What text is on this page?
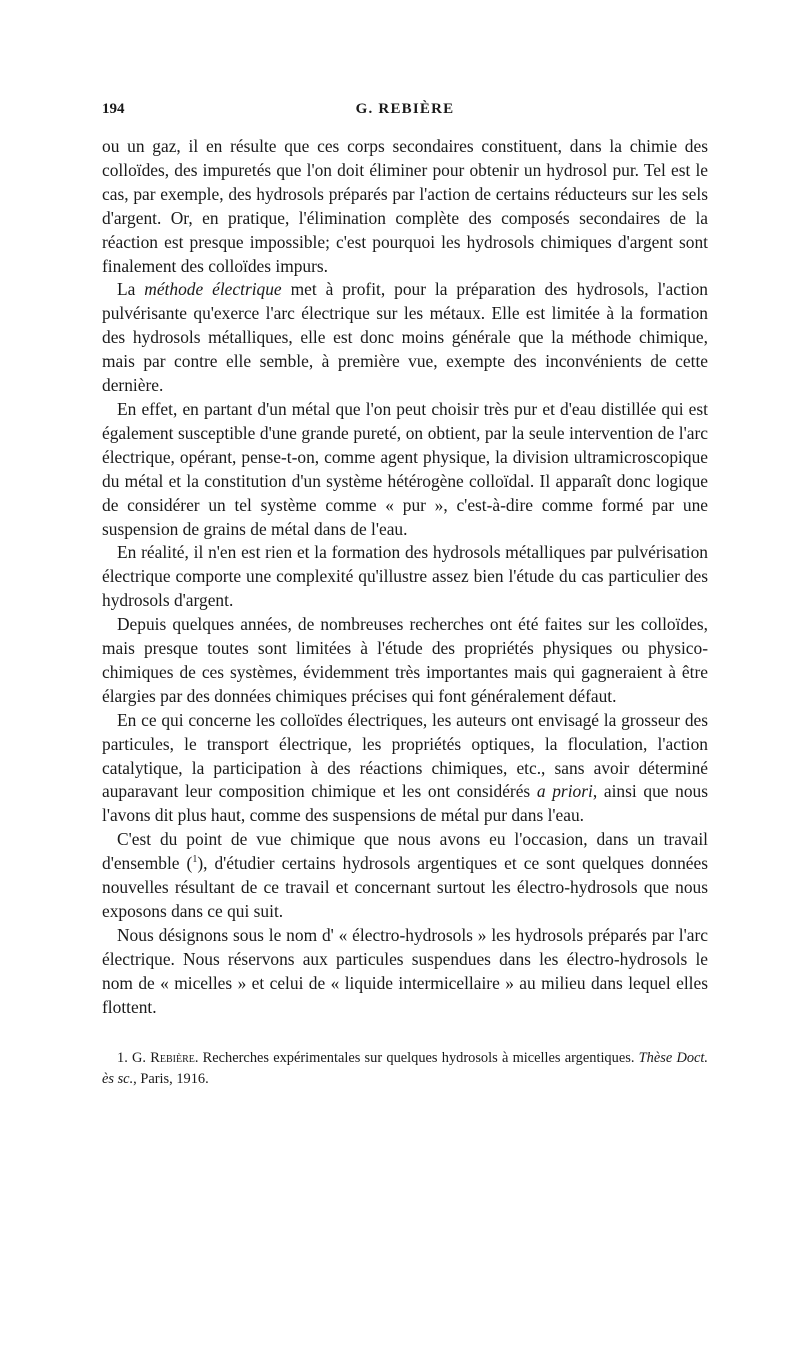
194	G. REBIÈRE

ou un gaz, il en résulte que ces corps secondaires constituent, dans la chimie des colloïdes, des impuretés que l'on doit éliminer pour obtenir un hydrosol pur. Tel est le cas, par exemple, des hydrosols préparés par l'action de certains réducteurs sur les sels d'argent. Or, en pratique, l'élimination complète des composés secondaires de la réaction est presque impossible; c'est pourquoi les hydrosols chimiques d'argent sont finalement des colloïdes impurs.

La méthode électrique met à profit, pour la préparation des hydrosols, l'action pulvérisante qu'exerce l'arc électrique sur les métaux. Elle est limitée à la formation des hydrosols métalliques, elle est donc moins générale que la méthode chimique, mais par contre elle semble, à première vue, exempte des inconvénients de cette dernière.

En effet, en partant d'un métal que l'on peut choisir très pur et d'eau distillée qui est également susceptible d'une grande pureté, on obtient, par la seule intervention de l'arc électrique, opérant, pense-t-on, comme agent physique, la division ultramicroscopique du métal et la constitution d'un système hétérogène colloïdal. Il apparaît donc logique de considérer un tel système comme « pur », c'est-à-dire comme formé par une suspension de grains de métal dans de l'eau.

En réalité, il n'en est rien et la formation des hydrosols métalliques par pulvérisation électrique comporte une complexité qu'illustre assez bien l'étude du cas particulier des hydrosols d'argent.

Depuis quelques années, de nombreuses recherches ont été faites sur les colloïdes, mais presque toutes sont limitées à l'étude des propriétés physiques ou physico-chimiques de ces systèmes, évidemment très importantes mais qui gagneraient à être élargies par des données chimiques précises qui font généralement défaut.

En ce qui concerne les colloïdes électriques, les auteurs ont envisagé la grosseur des particules, le transport électrique, les propriétés optiques, la floculation, l'action catalytique, la participation à des réactions chimiques, etc., sans avoir déterminé auparavant leur composition chimique et les ont considérés a priori, ainsi que nous l'avons dit plus haut, comme des suspensions de métal pur dans l'eau.

C'est du point de vue chimique que nous avons eu l'occasion, dans un travail d'ensemble ($^1$), d'étudier certains hydrosols argentiques et ce sont quelques données nouvelles résultant de ce travail et concernant surtout les électro-hydrosols que nous exposons dans ce qui suit.

Nous désignons sous le nom d' « électro-hydrosols » les hydrosols préparés par l'arc électrique. Nous réservons aux particules suspendues dans les électro-hydrosols le nom de « micelles » et celui de « liquide intermicellaire » au milieu dans lequel elles flottent.

1. G. Rebière. Recherches expérimentales sur quelques hydrosols à micelles argentiques. Thèse Doct. ès sc., Paris, 1916.
